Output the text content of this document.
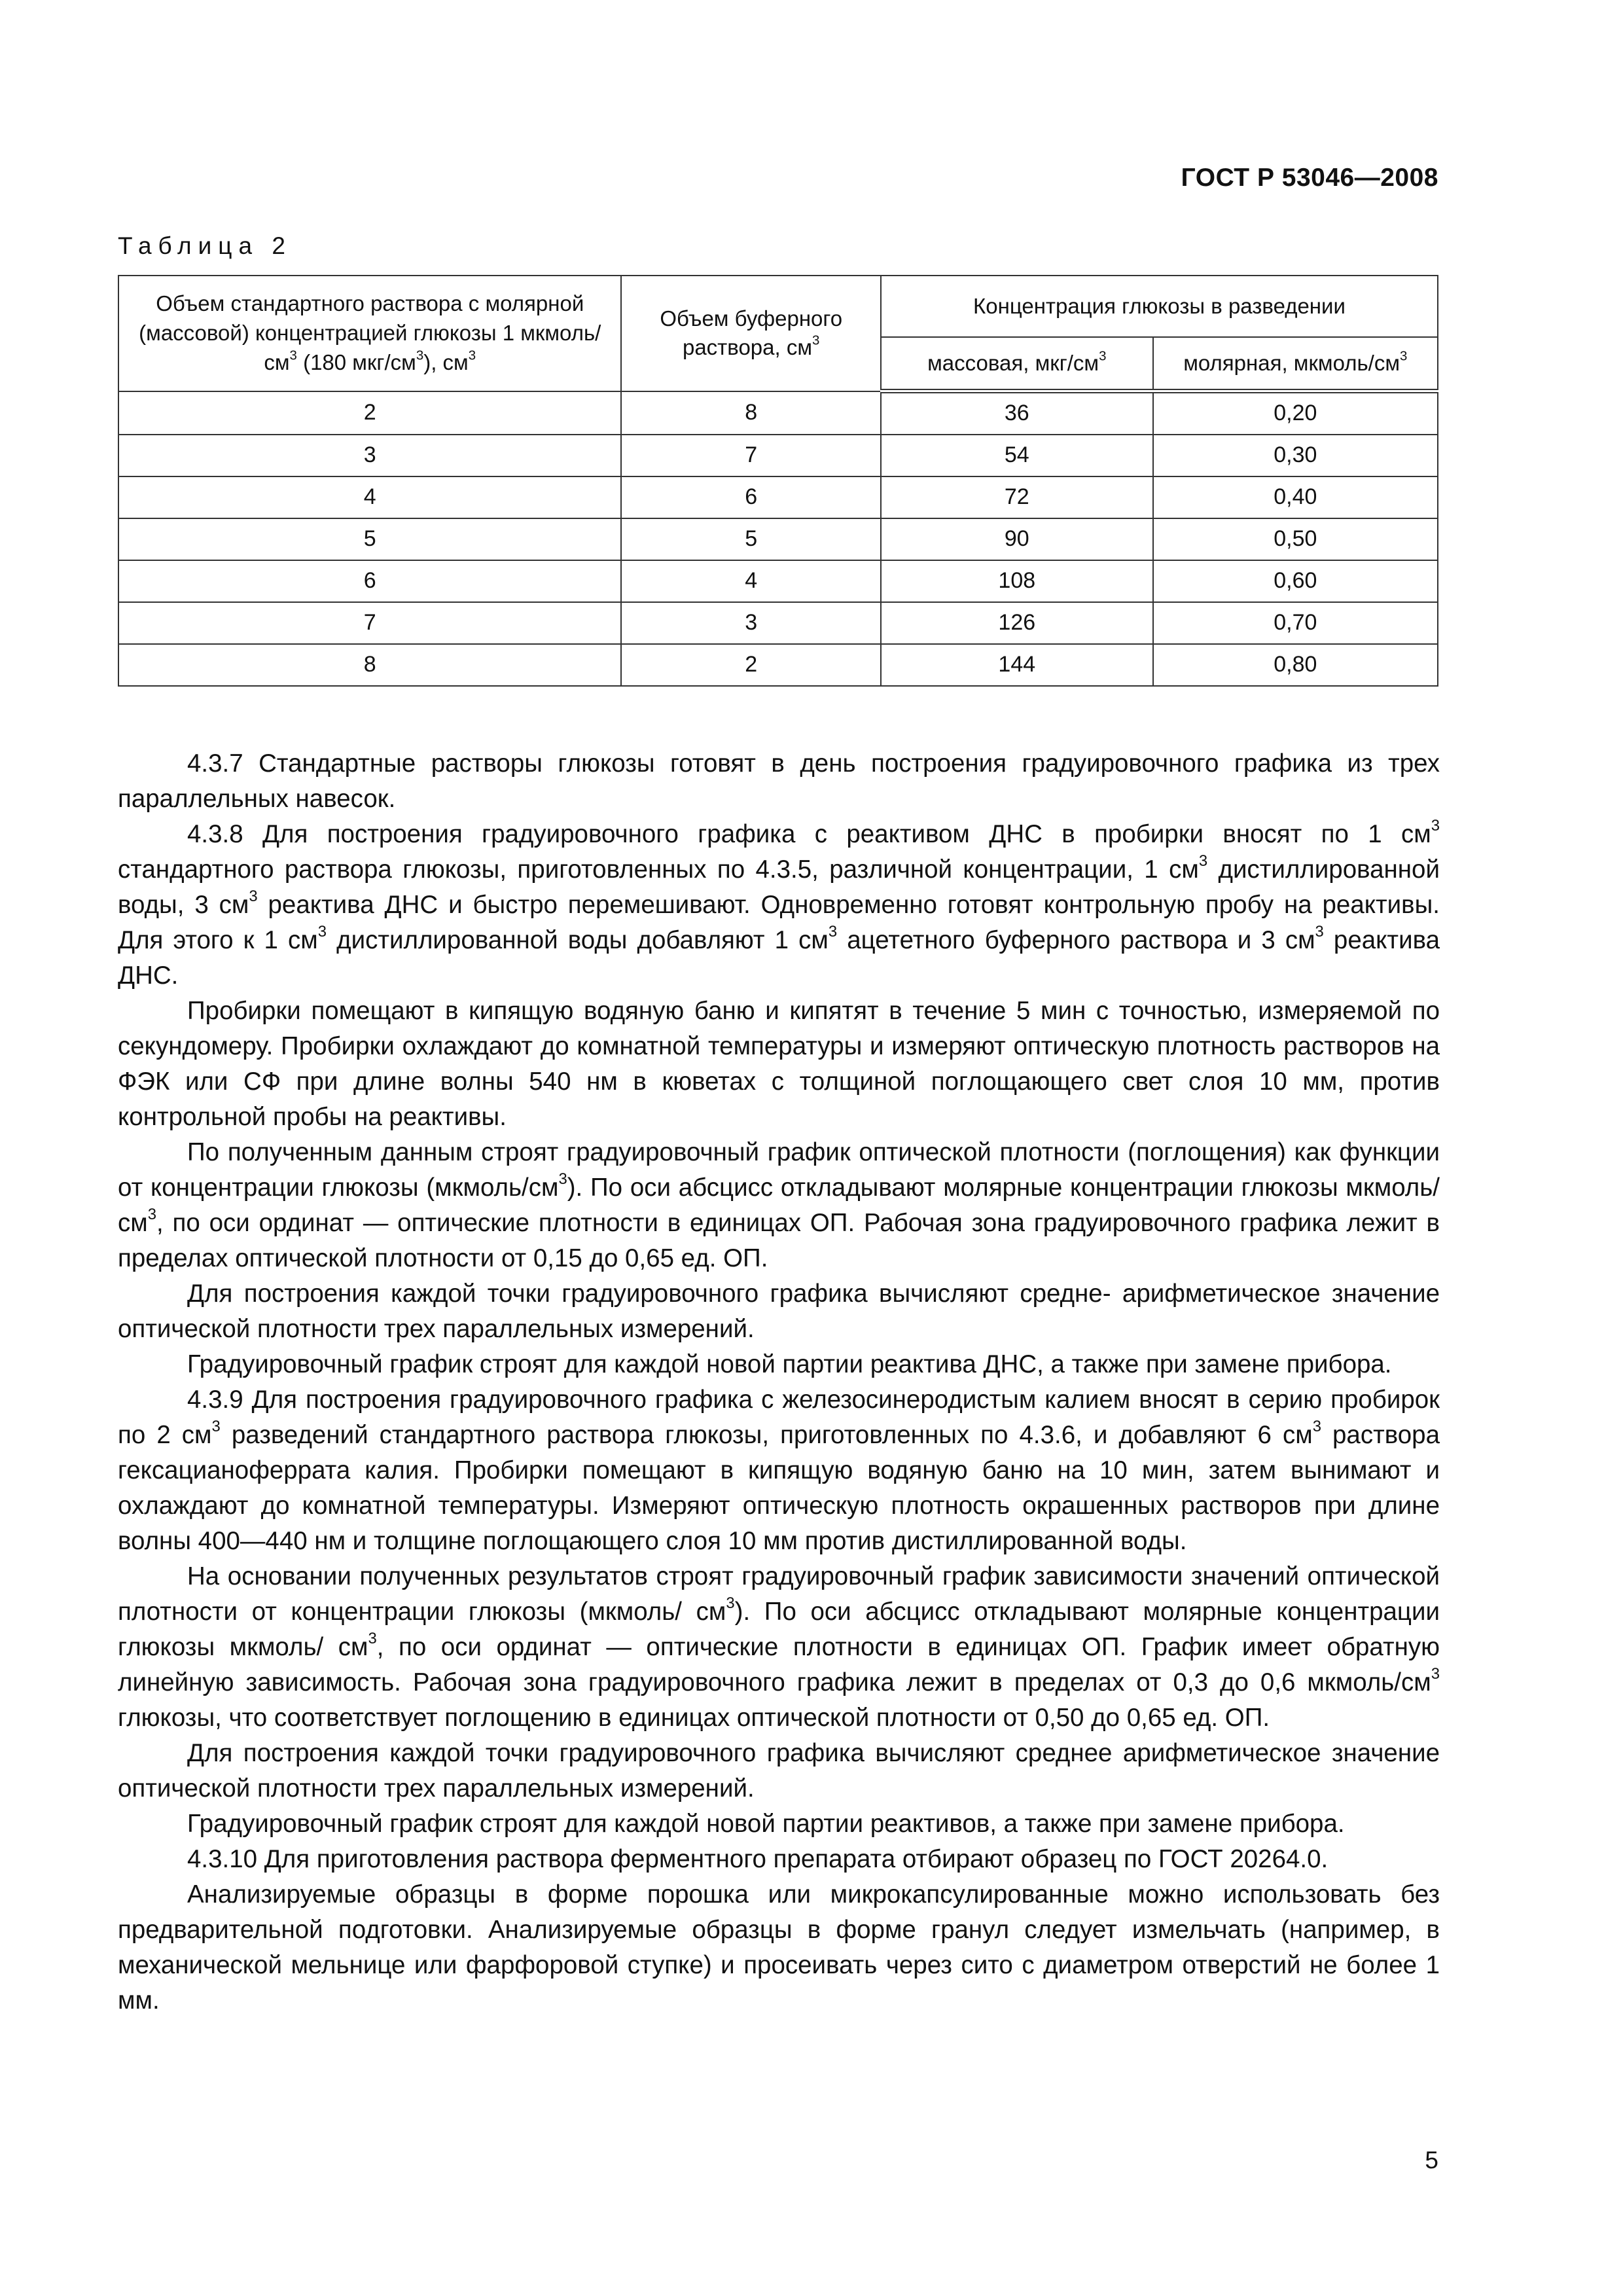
ГОСТ Р 53046—2008
Таблица 2
Объем стандартного раствора с молярной (массовой) концентрацией глюкозы 1 мкмоль/$см^3$ (180 мкг/$см^3$), $см^3$	Объем буферного раствора, $см^3$	Концентрация глюкозы в разведении	
		массовая, мкг/$см^3$	молярная, мкмоль/$см^3$
2	8	36	0,20
3	7	54	0,30
4	6	72	0,40
5	5	90	0,50
6	4	108	0,60
7	3	126	0,70
8	2	144	0,80

4.3.7 Стандартные растворы глюкозы готовят в день построения градуировочного графика из трех параллельных навесок.

4.3.8 Для построения градуировочного графика с реактивом ДНС в пробирки вносят по 1 $см^3$ стандартного раствора глюкозы, приготовленных по 4.3.5, различной концентрации, 1 $см^3$ дистиллированной воды, 3 $см^3$ реактива ДНС и быстро перемешивают. Одновременно готовят контрольную пробу на реактивы. Для этого к 1 $см^3$ дистиллированной воды добавляют 1 $см^3$ ацететного буферного раствора и 3 $см^3$ реактива ДНС.

Пробирки помещают в кипящую водяную баню и кипятят в течение 5 мин с точностью, измеряемой по секундомеру. Пробирки охлаждают до комнатной температуры и измеряют оптическую плотность растворов на ФЭК или СФ при длине волны 540 нм в кюветах с толщиной поглощающего свет слоя 10 мм, против контрольной пробы на реактивы.

По полученным данным строят градуировочный график оптической плотности (поглощения) как функции от концентрации глюкозы $(мкмоль/см^3)$. По оси абсцисс откладывают молярные концентрации глюкозы мкмоль/$см^3$, по оси ординат — оптические плотности в единицах ОП. Рабочая зона градуировочного графика лежит в пределах оптической плотности от 0,15 до 0,65 ед. ОП.

Для построения каждой точки градуировочного графика вычисляют средне- арифметическое значение оптической плотности трех параллельных измерений.

Градуировочный график строят для каждой новой партии реактива ДНС, а также при замене прибора.

4.3.9 Для построения градуировочного графика с железосинеродистым калием вносят в серию пробирок по 2 $см^3$ разведений стандартного раствора глюкозы, приготовленных по 4.3.6, и добавляют 6 $см^3$ раствора гексацианоферрата калия. Пробирки помещают в кипящую водяную баню на 10 мин, затем вынимают и охлаждают до комнатной температуры. Измеряют оптическую плотность окрашенных растворов при длине волны 400—440 нм и толщине поглощающего слоя 10 мм против дистиллированной воды.

На основании полученных результатов строят градуировочный график зависимости значений оптической плотности от концентрации глюкозы (мкмоль/ $см^3$). По оси абсцисс откладывают молярные концентрации глюкозы мкмоль/ $см^3$, по оси ординат — оптические плотности в единицах ОП. График имеет обратную линейную зависимость. Рабочая зона градуировочного графика лежит в пределах от 0,3 до 0,6 мкмоль/$см^3$ глюкозы, что соответствует поглощению в единицах оптической плотности от 0,50 до 0,65 ед. ОП.

Для построения каждой точки градуировочного графика вычисляют среднее арифметическое значение оптической плотности трех параллельных измерений.

Градуировочный график строят для каждой новой партии реактивов, а также при замене прибора.

4.3.10 Для приготовления раствора ферментного препарата отбирают образец по ГОСТ 20264.0.

Анализируемые образцы в форме порошка или микрокапсулированные можно использовать без предварительной подготовки. Анализируемые образцы в форме гранул следует измельчать (например, в механической мельнице или фарфоровой ступке) и просеивать через сито с диаметром отверстий не более 1 мм.

5
